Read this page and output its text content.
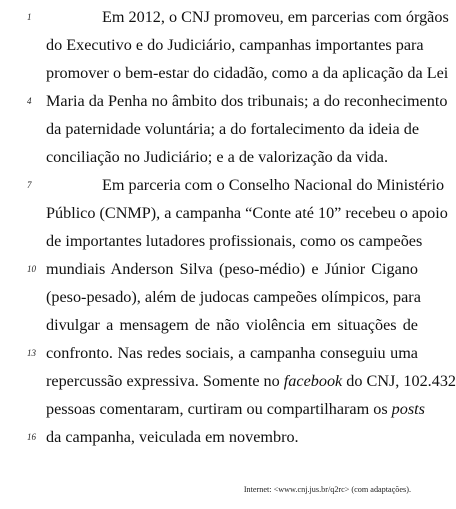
1
4
7
10
13
16
Em 2012, o CNJ promoveu, em parcerias com órgãos
do Executivo e do Judiciário, campanhas importantes para
promover o bem-estar do cidadão, como a da aplicação da Lei
Maria da Penha no âmbito dos tribunais; a do reconhecimento
da paternidade voluntária; a do fortalecimento da ideia de
conciliação no Judiciário; e a de valorização da vida.
Em parceria com o Conselho Nacional do Ministério
Público (CNMP), a campanha “Conte até 10” recebeu o apoio
de importantes lutadores profissionais, como os campeões
mundiais Anderson Silva (peso-médio) e Júnior Cigano
(peso-pesado), além de judocas campeões olímpicos, para
divulgar a mensagem de não violência em situações de
confronto. Nas redes sociais, a campanha conseguiu uma
repercussão expressiva. Somente no facebook do CNJ, 102.432
pessoas comentaram, curtiram ou compartilharam os posts
da campanha, veiculada em novembro.
Internet: <www.cnj.jus.br/q2rc> (com adaptações).
